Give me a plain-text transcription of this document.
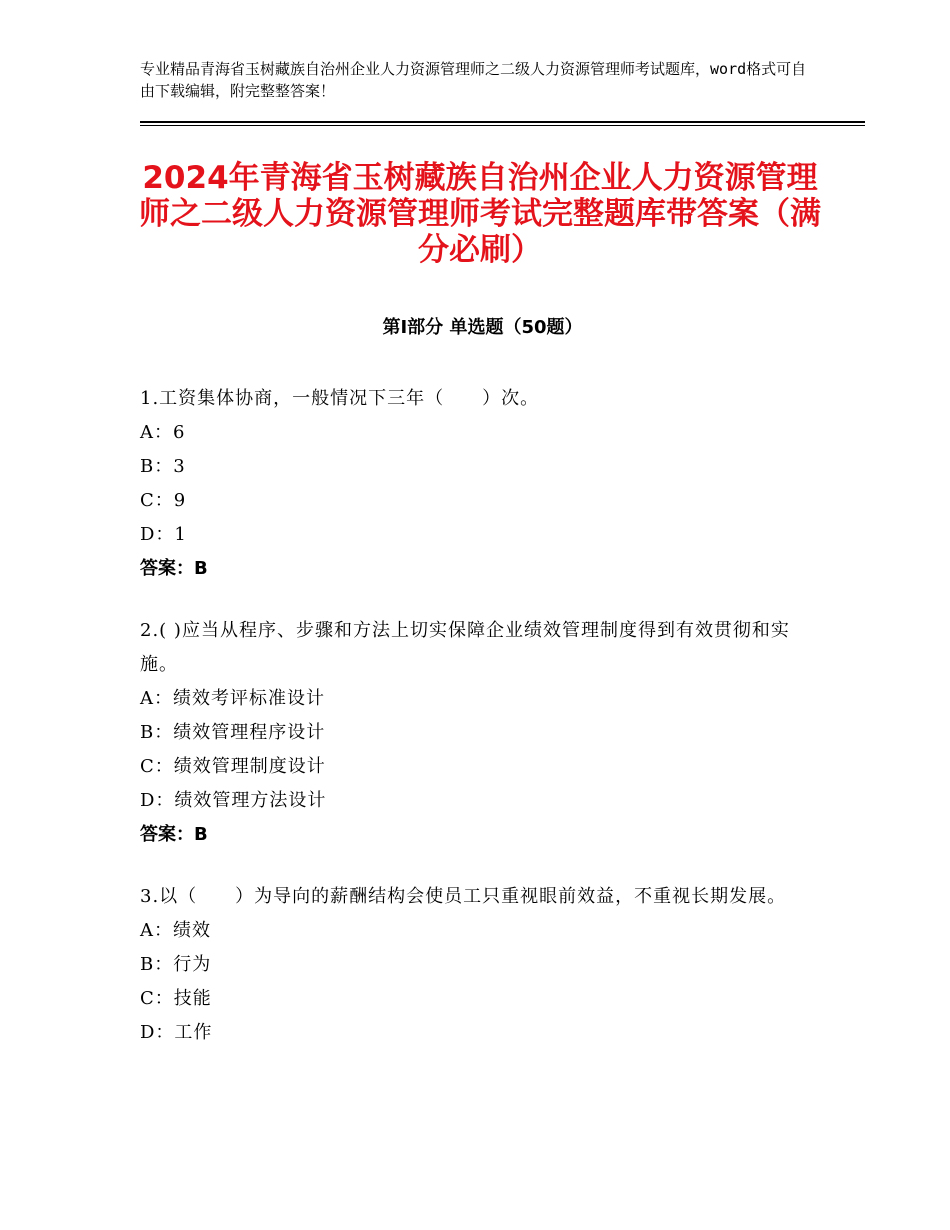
专业精品青海省玉树藏族自治州企业人力资源管理师之二级人力资源管理师考试题库，word格式可自由下载编辑，附完整整答案！
2024年青海省玉树藏族自治州企业人力资源管理师之二级人力资源管理师考试完整题库带答案（满分必刷）
第Ⅰ部分 单选题（50题）
1.工资集体协商，一般情况下三年（　　）次。
A：6
B：3
C：9
D：1
答案：B
2.( )应当从程序、步骤和方法上切实保障企业绩效管理制度得到有效贯彻和实施。
A：绩效考评标准设计
B：绩效管理程序设计
C：绩效管理制度设计
D：绩效管理方法设计
答案：B
3.以（　　）为导向的薪酬结构会使员工只重视眼前效益，不重视长期发展。
A：绩效
B：行为
C：技能
D：工作
